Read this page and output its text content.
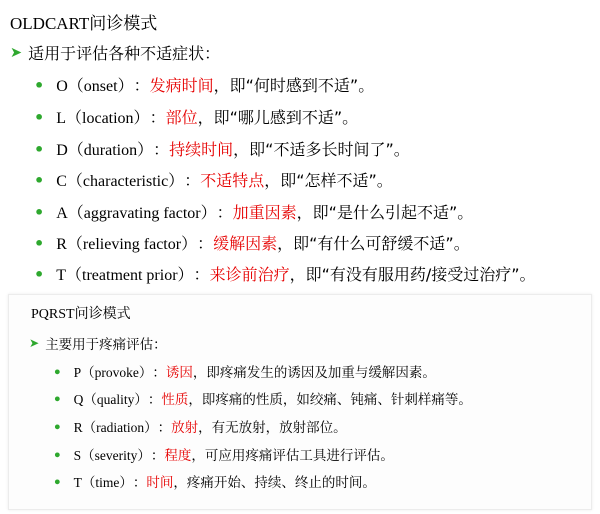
OLDCART问诊模式
➤ 适用于评估各种不适症状：
• O （onset） ： 发病时间 ，即“何时感到不适”。
• L （location） ： 部位 ，即“哪儿感到不适”。
• D （duration） ： 持续时间 ，即“不适多长时间了”。
• C （characteristic） ： 不适特点 ，即“怎样不适”。
• A （aggravating factor） ： 加重因素 ，即“是什么引起不适”。
• R （relieving factor） ： 缓解因素 ，即“有什么可舒缓不适”。
• T （treatment prior） ： 来诊前治疗 ，即“有没有服用药/接受过治疗”。
PQRST问诊模式
➤ 主要用于疼痛评估：
• P （provoke） ： 诱因 ，即疼痛发生的诱因及加重与缓解因素。
• Q （quality） ： 性质 ，即疼痛的性质，如绞痛、钝痛、针刺样痛等。
• R （radiation） ： 放射 ，有无放射，放射部位。
• S （severity） ： 程度 ，可应用疼痛评估工具进行评估。
• T （time） ： 时间 ，疼痛开始、持续、终止的时间。
